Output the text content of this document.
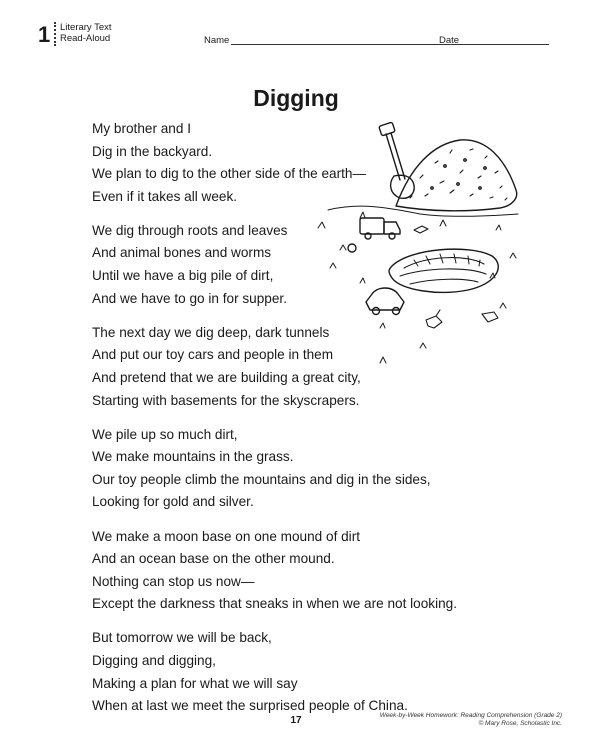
1 Literary Text
Read-Aloud	Name	Date
Digging
My brother and I
Dig in the backyard.
We plan to dig to the other side of the earth—
Even if it takes all week.
We dig through roots and leaves
And animal bones and worms
Until we have a big pile of dirt,
And we have to go in for supper.
The next day we dig deep, dark tunnels
And put our toy cars and people in them
And pretend that we are building a great city,
Starting with basements for the skyscrapers.
We pile up so much dirt,
We make mountains in the grass.
Our toy people climb the mountains and dig in the sides,
Looking for gold and silver.
We make a moon base on one mound of dirt
And an ocean base on the other mound.
Nothing can stop us now—
Except the darkness that sneaks in when we are not looking.
But tomorrow we will be back,
Digging and digging,
Making a plan for what we will say
When at last we meet the surprised people of China.
17	Week-by-Week Homework: Reading Comprehension (Grade 2)
© Mary Rose, Scholastic Inc.
